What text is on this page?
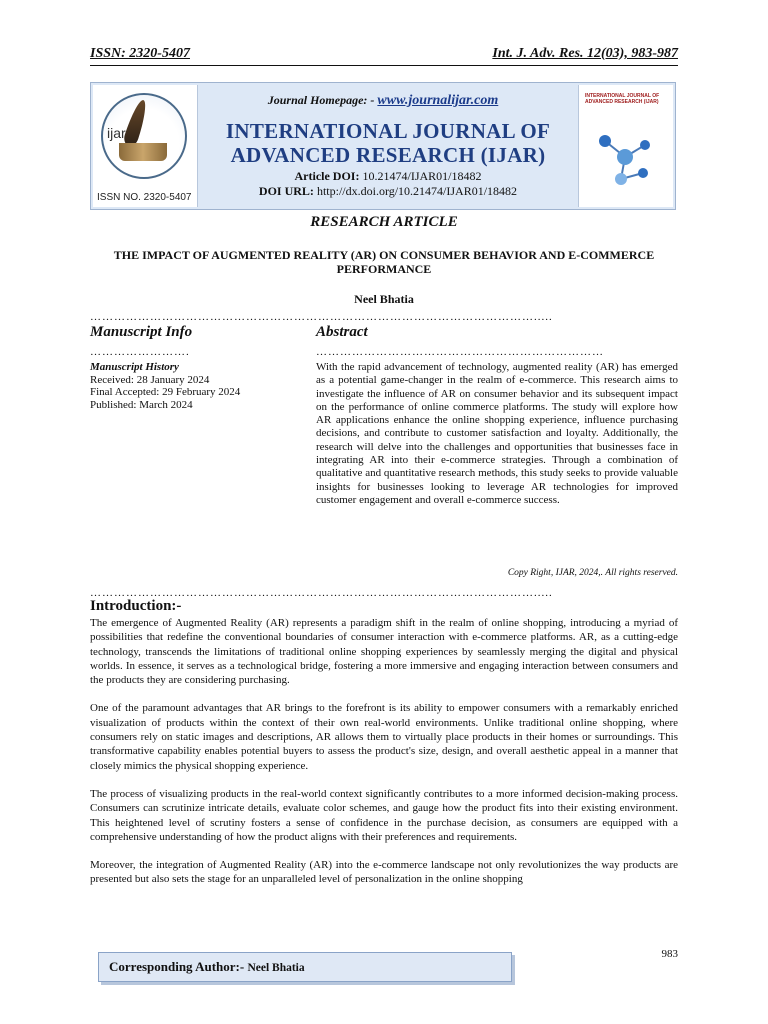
ISSN: 2320-5407	Int. J. Adv. Res. 12(03), 983-987
ijar
ISSN NO. 2320-5407
Journal Homepage: - www.journalijar.com
INTERNATIONAL JOURNAL OF
ADVANCED RESEARCH (IJAR)
Article DOI: 10.21474/IJAR01/18482
DOI URL: http://dx.doi.org/10.21474/IJAR01/18482
INTERNATIONAL JOURNAL OF ADVANCED RESEARCH (IJAR)
RESEARCH ARTICLE
THE IMPACT OF AUGMENTED REALITY (AR) ON CONSUMER BEHAVIOR AND E-COMMERCE PERFORMANCE
Neel Bhatia
………………………………………………………………………………………………….....
Manuscript Info	Abstract
…………………….	………………………………………………………………
Manuscript History
Received: 28 January 2024
Final Accepted: 29 February 2024
Published: March 2024
With the rapid advancement of technology, augmented reality (AR) has emerged as a potential game-changer in the realm of e-commerce. This research aims to investigate the influence of AR on consumer behavior and its subsequent impact on the performance of online commerce platforms. The study will explore how AR applications enhance the online shopping experience, influence purchasing decisions, and contribute to customer satisfaction and loyalty. Additionally, the research will delve into the challenges and opportunities that businesses face in integrating AR into their e-commerce strategies. Through a combination of qualitative and quantitative research methods, this study seeks to provide valuable insights for businesses looking to leverage AR technologies for improved customer engagement and overall e-commerce success.
Copy Right, IJAR, 2024,. All rights reserved.
………………………………………………………………………………………………….....
Introduction:-

The emergence of Augmented Reality (AR) represents a paradigm shift in the realm of online shopping, introducing a myriad of possibilities that redefine the conventional boundaries of consumer interaction with e-commerce platforms. AR, as a cutting-edge technology, transcends the limitations of traditional online shopping experiences by seamlessly merging the digital and physical worlds. In essence, it serves as a technological bridge, fostering a more immersive and engaging interaction between consumers and the products they are considering purchasing.

One of the paramount advantages that AR brings to the forefront is its ability to empower consumers with a remarkably enriched visualization of products within the context of their own real-world environments. Unlike traditional online shopping, where consumers rely on static images and descriptions, AR allows them to virtually place products in their homes or surroundings. This transformative capability enables potential buyers to assess the product's size, design, and overall aesthetic appeal in a manner that closely mimics the physical shopping experience.

The process of visualizing products in the real-world context significantly contributes to a more informed decision-making process. Consumers can scrutinize intricate details, evaluate color schemes, and gauge how the product fits into their existing environment. This heightened level of scrutiny fosters a sense of confidence in the purchase decision, as consumers are equipped with a comprehensive understanding of how the product aligns with their preferences and requirements.

Moreover, the integration of Augmented Reality (AR) into the e-commerce landscape not only revolutionizes the way products are presented but also sets the stage for an unparalleled level of personalization in the online shopping

983
Corresponding Author:- Neel Bhatia
